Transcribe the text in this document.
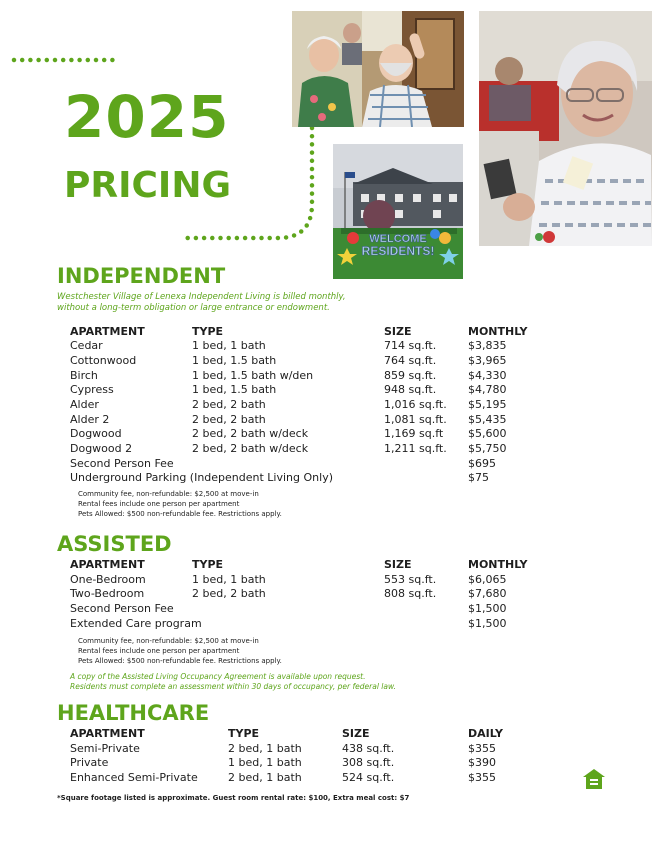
2025
PRICING
WELCOME
RESIDENTS!
INDEPENDENT
Westchester Village of Lenexa Independent Living is billed monthly,
without a long-term obligation or large entrance or endowment.
APARTMENT	TYPE	SIZE	MONTHLY
Cedar	1 bed, 1 bath	714 sq.ft.	$3,835
Cottonwood	1 bed, 1.5 bath	764 sq.ft.	$3,965
Birch	1 bed, 1.5 bath w/den	859 sq.ft.	$4,330
Cypress	1 bed, 1.5 bath	948 sq.ft.	$4,780
Alder	2 bed, 2 bath	1,016 sq.ft. $5,195
Alder 2	2 bed, 2 bath	1,081 sq.ft. $5,435
Dogwood	2 bed, 2 bath w/deck	1,169 sq.ft $5,600
Dogwood 2	2 bed, 2 bath w/deck	1,211 sq.ft. $5,750
Second Person Fee	$695
Underground Parking (Independent Living Only)	$75
Community fee, non-refundable: $2,500 at move-in
Rental fees include one person per apartment
Pets Allowed: $500 non-refundable fee. Restrictions apply.
ASSISTED
APARTMENT	TYPE	SIZE	MONTHLY
One-Bedroom	1 bed, 1 bath	553 sq.ft.	$6,065
Two-Bedroom	2 bed, 2 bath	808 sq.ft.	$7,680
Second Person Fee	$1,500
Extended Care program	$1,500
Community fee, non-refundable: $2,500 at move-in
Rental fees include one person per apartment
Pets Allowed: $500 non-refundable fee. Restrictions apply.
A copy of the Assisted Living Occupancy Agreement is available upon request.
Residents must complete an assessment within 30 days of occupancy, per federal law.
HEALTHCARE
APARTMENT	TYPE	SIZE	DAILY
Semi-Private	2 bed, 1 bath	438 sq.ft.	$355
Private	1 bed, 1 bath	308 sq.ft.	$390
Enhanced Semi-Private	2 bed, 1 bath	524 sq.ft.	$355
*Square footage listed is approximate. Guest room rental rate: $100, Extra meal cost: $7
